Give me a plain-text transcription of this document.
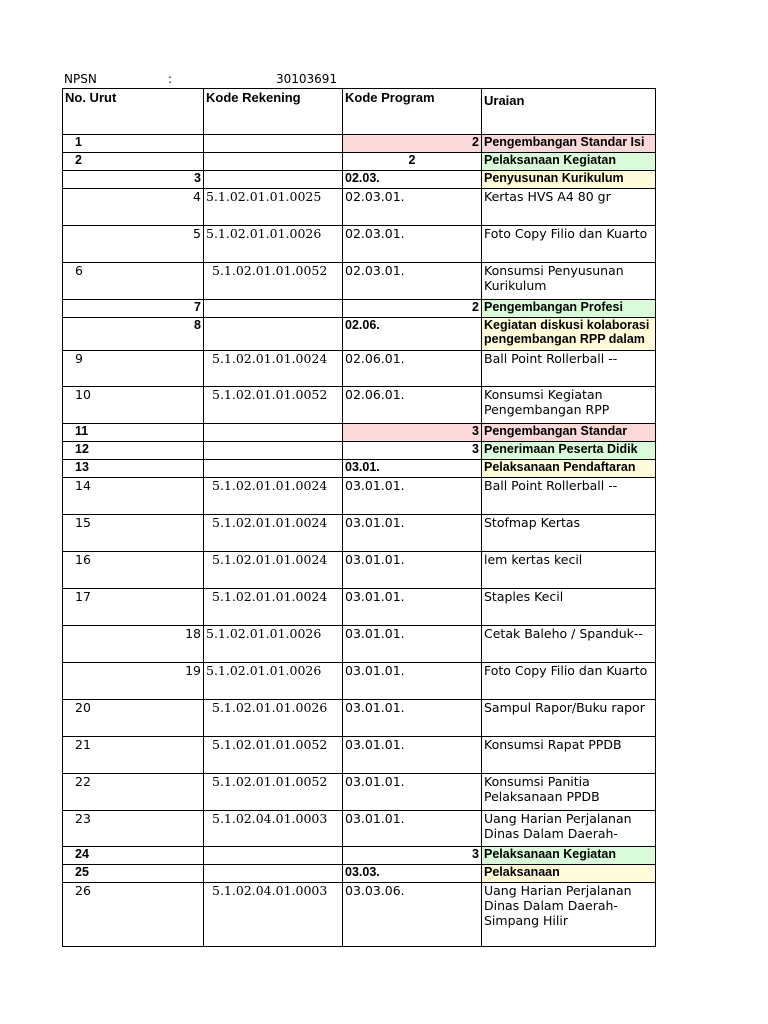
NPSN	:	30103691
No. Urut	Kode Rekening	Kode Program	Uraian
1		2	Pengembangan Standar Isi
2		2	Pelaksanaan Kegiatan
3		02.03.	Penyusunan Kurikulum
4	5.1.02.01.01.0025	02.03.01.	Kertas HVS A4 80 gr
5	5.1.02.01.01.0026	02.03.01.	Foto Copy Filio dan Kuarto
6	5.1.02.01.01.0052	02.03.01.	Konsumsi Penyusunan Kurikulum
7		2	Pengembangan Profesi
8		02.06.	Kegiatan diskusi kolaborasi pengembangan RPP dalam
9	5.1.02.01.01.0024	02.06.01.	Ball Point Rollerball --
10	5.1.02.01.01.0052	02.06.01.	Konsumsi Kegiatan Pengembangan RPP
11		3	Pengembangan Standar
12		3	Penerimaan Peserta Didik
13		03.01.	Pelaksanaan Pendaftaran
14	5.1.02.01.01.0024	03.01.01.	Ball Point Rollerball --
15	5.1.02.01.01.0024	03.01.01.	Stofmap Kertas
16	5.1.02.01.01.0024	03.01.01.	lem kertas kecil
17	5.1.02.01.01.0024	03.01.01.	Staples Kecil
18	5.1.02.01.01.0026	03.01.01.	Cetak Baleho / Spanduk--
19	5.1.02.01.01.0026	03.01.01.	Foto Copy Filio dan Kuarto
20	5.1.02.01.01.0026	03.01.01.	Sampul Rapor/Buku rapor
21	5.1.02.01.01.0052	03.01.01.	Konsumsi Rapat PPDB
22	5.1.02.01.01.0052	03.01.01.	Konsumsi Panitia Pelaksanaan PPDB
23	5.1.02.04.01.0003	03.01.01.	Uang Harian Perjalanan Dinas Dalam Daerah-
24		3	Pelaksanaan Kegiatan
25		03.03.	Pelaksanaan
26	5.1.02.04.01.0003	03.03.06.	Uang Harian Perjalanan Dinas Dalam Daerah-Simpang Hilir
